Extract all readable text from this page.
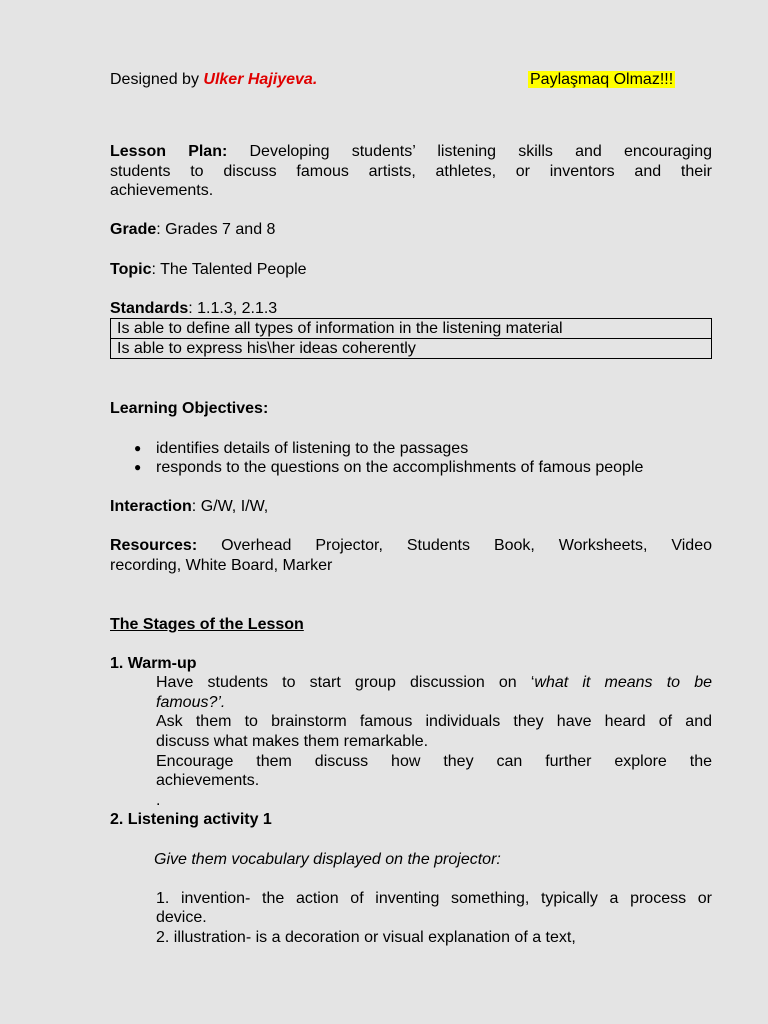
Designed by Ulker Hajiyeva.	Paylaşmaq Olmaz!!!
Lesson Plan: Developing students’ listening skills and encouraging
students to discuss famous artists, athletes, or inventors and their
achievements.
Grade: Grades 7 and 8
Topic: The Talented People
Standards: 1.1.3, 2.1.3
Is able to define all types of information in the listening material
Is able to express his\her ideas coherently
Learning Objectives:
● identifies details of listening to the passages
● responds to the questions on the accomplishments of famous people
Interaction: G/W, I/W,
Resources: Overhead Projector, Students Book, Worksheets, Video
recording, White Board, Marker
The Stages of the Lesson
1. Warm-up
Have students to start group discussion on ‘what it means to be
famous?’.
Ask them to brainstorm famous individuals they have heard of and
discuss what makes them remarkable.
Encourage them discuss how they can further explore the
achievements.
.
2. Listening activity 1
Give them vocabulary displayed on the projector:
1. invention- the action of inventing something, typically a process or
device.
2. illustration- is a decoration or visual explanation of a text,
